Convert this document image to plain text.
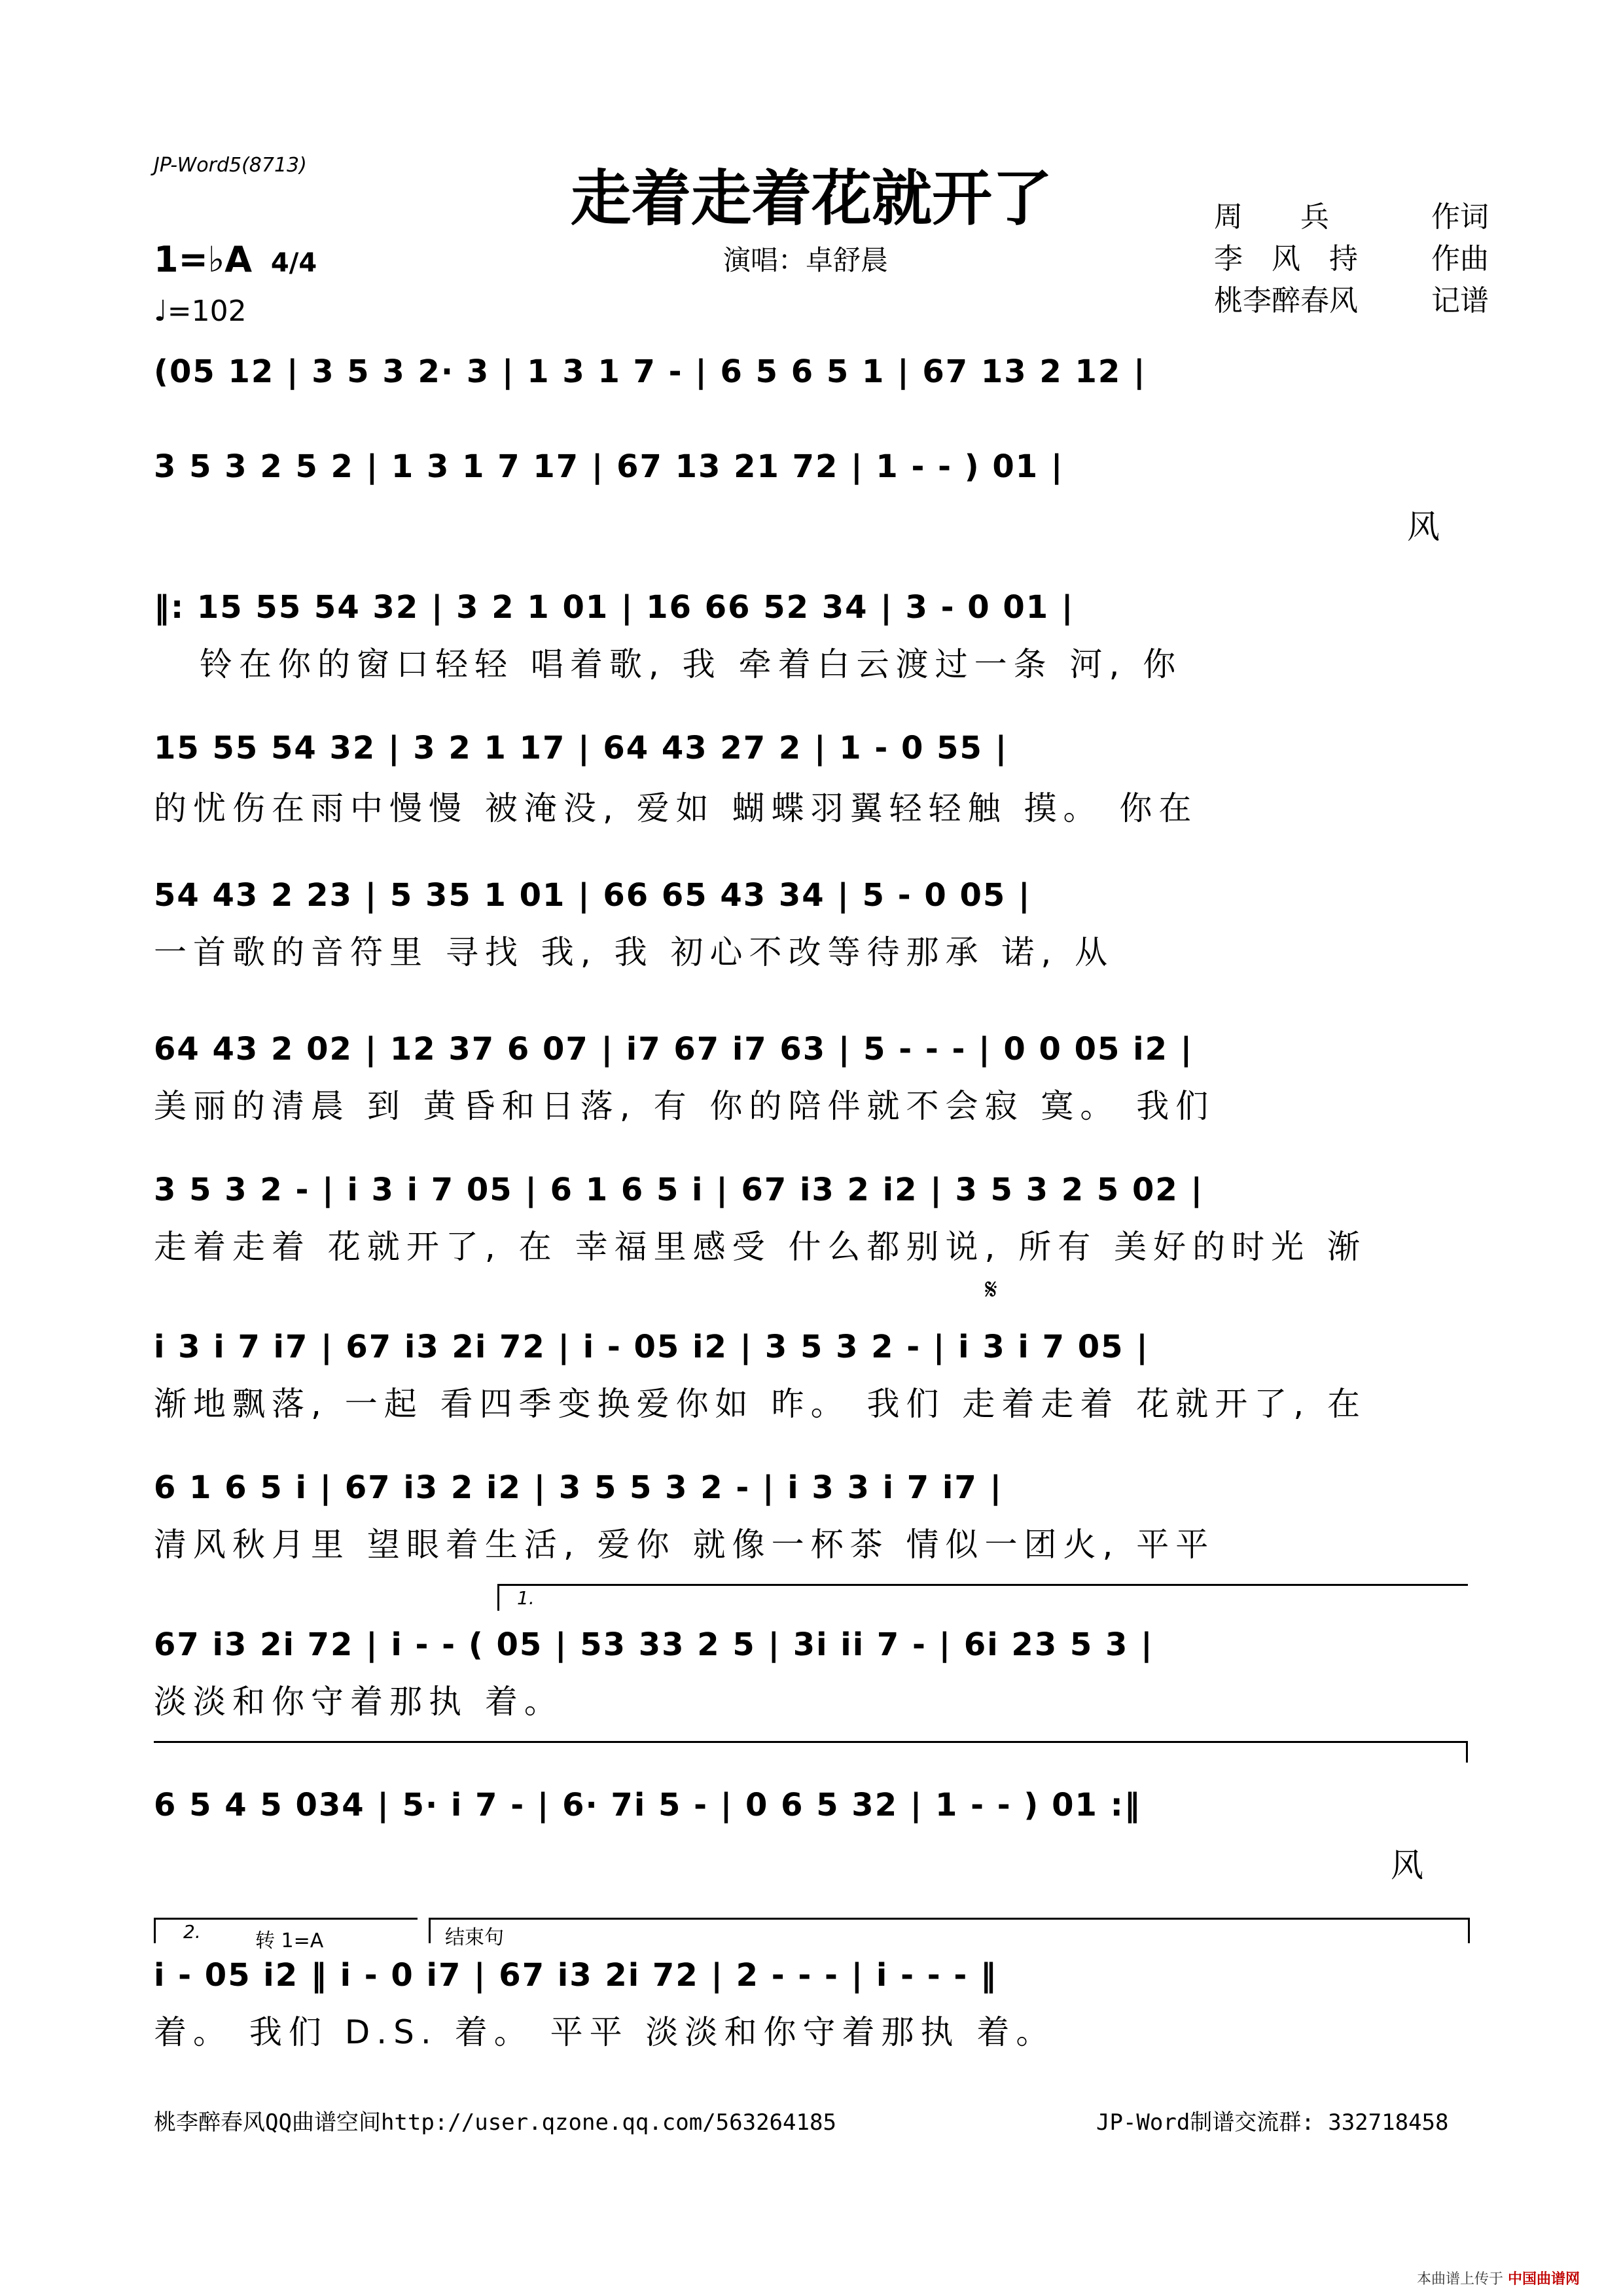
JP-Word5(8713)	走着走着花就开了
演唱：卓舒晨
周　　兵	作词
李　风　持	作曲
桃李醉春风	记谱
1=♭A 4/4
♩=102
(05 12 | 3 5 3 2· 3 | 1 3 1 7 - | 6 5 6 5 1 | 67 13 2 12 |
3 5 3 2 5 2 | 1 3 1 7 17 | 67 13 21 72 | 1 - - ) 01 |
风
‖: 15 55 54 32 | 3 2 1 01 | 16 66 52 34 | 3 - 0 01 |
铃在你的窗口轻轻 唱着歌, 我 牵着白云渡过一条 河, 你
15 55 54 32 | 3 2 1 17 | 64 43 27 2 | 1 - 0 55 |
的忧伤在雨中慢慢 被淹没, 爱如 蝴蝶羽翼轻轻触 摸。 你在
54 43 2 23 | 5 35 1 01 | 66 65 43 34 | 5 - 0 05 |
一首歌的音符里 寻找 我, 我 初心不改等待那承 诺, 从
64 43 2 02 | 12 37 6 07 | i7 67 i7 63 | 5 - - - | 0 0 05 i2 |
美丽的清晨 到 黄昏和日落, 有 你的陪伴就不会寂 寞。 我们
3 5 3 2 - | i 3 i 7 05 | 6 1 6 5 i | 67 i3 2 i2 | 3 5 3 2 5 02 |
走着走着 花就开了, 在 幸福里感受 什么都别说, 所有 美好的时光 渐
𝄋
i 3 i 7 i7 | 67 i3 2i 72 | i - 05 i2 | 3 5 3 2 - | i 3 i 7 05 |
渐地飘落, 一起 看四季变换爱你如 昨。 我们 走着走着 花就开了, 在
6 1 6 5 i | 67 i3 2 i2 | 3 5 5 3 2 - | i 3 3 i 7 i7 |
清风秋月里 望眼着生活, 爱你 就像一杯茶 情似一团火, 平平
1.
67 i3 2i 72 | i - - ( 05 | 53 33 2 5 | 3i ii 7 - | 6i 23 5 3 |
淡淡和你守着那执 着。
6 5 4 5 034 | 5· i 7 - | 6· 7i 5 - | 0 6 5 32 | 1 - - ) 01 :‖
风
2.	转 1=A	结束句
i - 05 i2 ‖ i - 0 i7 | 67 i3 2i 72 | 2 - - - | i - - - ‖
着。 我们 D.S. 着。 平平 淡淡和你守着那执 着。
桃李醉春风QQ曲谱空间http://user.qzone.qq.com/563264185	JP-Word制谱交流群: 332718458
本曲谱上传于 中国曲谱网
